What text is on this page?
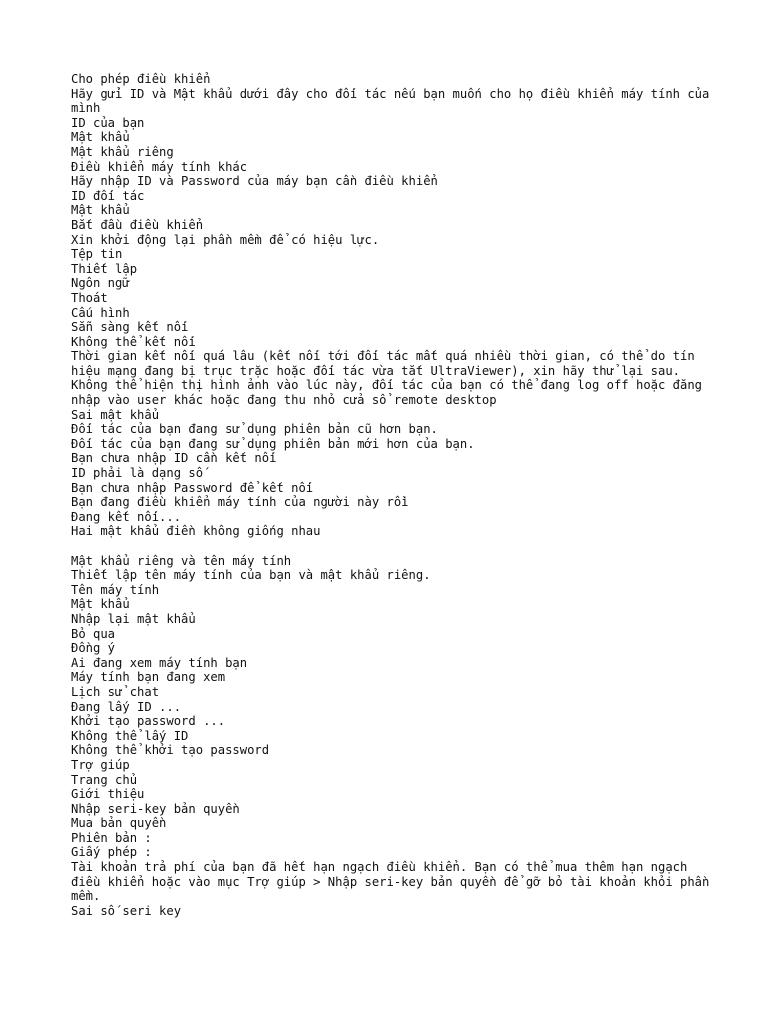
Cho phép điều khiển
Hãy gửi ID và Mật khẩu dưới đây cho đối tác nếu bạn muốn cho họ điều khiển máy tính của mình
ID của bạn
Mật khẩu
Mật khẩu riêng
Điều khiển máy tính khác
Hãy nhập ID và Password của máy bạn cần điều khiển
ID đối tác
Mật khẩu
Bắt đầu điều khiển
Xin khởi động lại phần mềm để có hiệu lực.
Tệp tin
Thiết lập
Ngôn ngữ
Thoát
Cấu hình
Sẵn sàng kết nối
Không thể kết nối
Thời gian kết nối quá lâu (kết nối tới đối tác mất quá nhiều thời gian, có thể do tín hiệu mạng đang bị trục trặc hoặc đối tác vừa tắt UltraViewer), xin hãy thử lại sau.
Không thể hiện thị hình ảnh vào lúc này, đối tác của bạn có thể đang log off hoặc đăng nhập vào user khác hoặc đang thu nhỏ cửa sổ remote desktop
Sai mật khẩu
Đối tác của bạn đang sử dụng phiên bản cũ hơn bạn.
Đối tác của bạn đang sử dụng phiên bản mới hơn của bạn.
Bạn chưa nhập ID cần kết nối
ID phải là dạng số
Bạn chưa nhập Password để kết nối
Bạn đang điều khiển máy tính của người này rồi
Đang kết nối...
Hai mật khẩu điền không giống nhau
Mật khẩu riêng và tên máy tính
Thiết lập tên máy tính của bạn và mật khẩu riêng.
Tên máy tính
Mật khẩu
Nhập lại mật khẩu
Bỏ qua
Đồng ý
Ai đang xem máy tính bạn
Máy tính bạn đang xem
Lịch sử chat
Đang lấy ID ...
Khởi tạo password ...
Không thể lấy ID
Không thể khởi tạo password
Trợ giúp
Trang chủ
Giới thiệu
Nhập seri-key bản quyền
Mua bản quyền
Phiên bản :
Giấy phép :
Tài khoản trả phí của bạn đã hết hạn ngạch điều khiển. Bạn có thể mua thêm hạn ngạch điều khiển hoặc vào mục Trợ giúp > Nhập seri-key bản quyền để gỡ bỏ tài khoản khỏi phần mềm.
Sai số seri key
